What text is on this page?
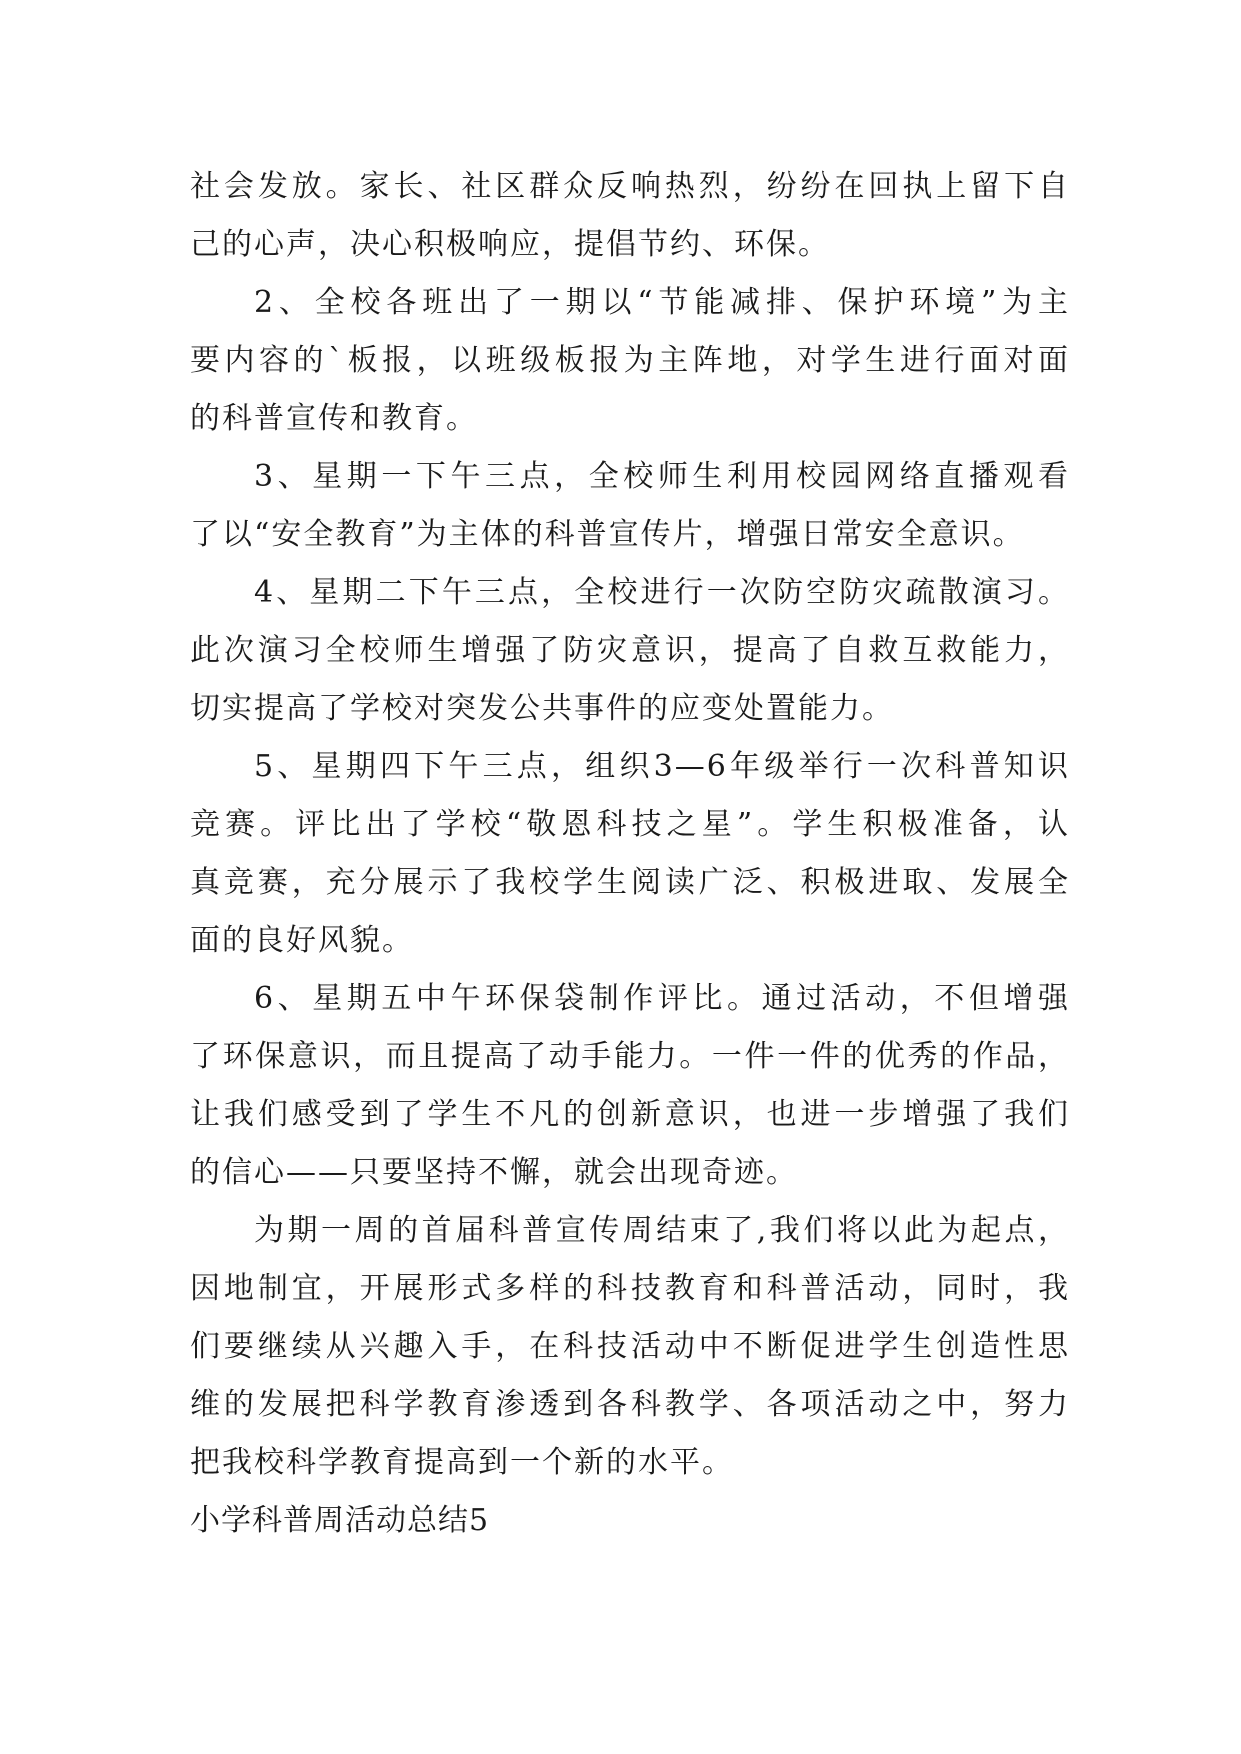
社会发放。家长、社区群众反响热烈，纷纷在回执上留下自
己的心声，决心积极响应，提倡节约、环保。
2、全校各班出了一期以“节能减排、保护环境”为主
要内容的`板报，以班级板报为主阵地，对学生进行面对面
的科普宣传和教育。
3、星期一下午三点，全校师生利用校园网络直播观看
了以“安全教育”为主体的科普宣传片，增强日常安全意识。
4、星期二下午三点，全校进行一次防空防灾疏散演习。
此次演习全校师生增强了防灾意识，提高了自救互救能力，
切实提高了学校对突发公共事件的应变处置能力。
5、星期四下午三点，组织3—6年级举行一次科普知识
竞赛。评比出了学校“敬恩科技之星”。学生积极准备，认
真竞赛，充分展示了我校学生阅读广泛、积极进取、发展全
面的良好风貌。
6、星期五中午环保袋制作评比。通过活动，不但增强
了环保意识，而且提高了动手能力。一件一件的优秀的作品，
让我们感受到了学生不凡的创新意识，也进一步增强了我们
的信心——只要坚持不懈，就会出现奇迹。
为期一周的首届科普宣传周结束了,我们将以此为起点，
因地制宜，开展形式多样的科技教育和科普活动，同时，我
们要继续从兴趣入手，在科技活动中不断促进学生创造性思
维的发展把科学教育渗透到各科教学、各项活动之中，努力
把我校科学教育提高到一个新的水平。
小学科普周活动总结5
